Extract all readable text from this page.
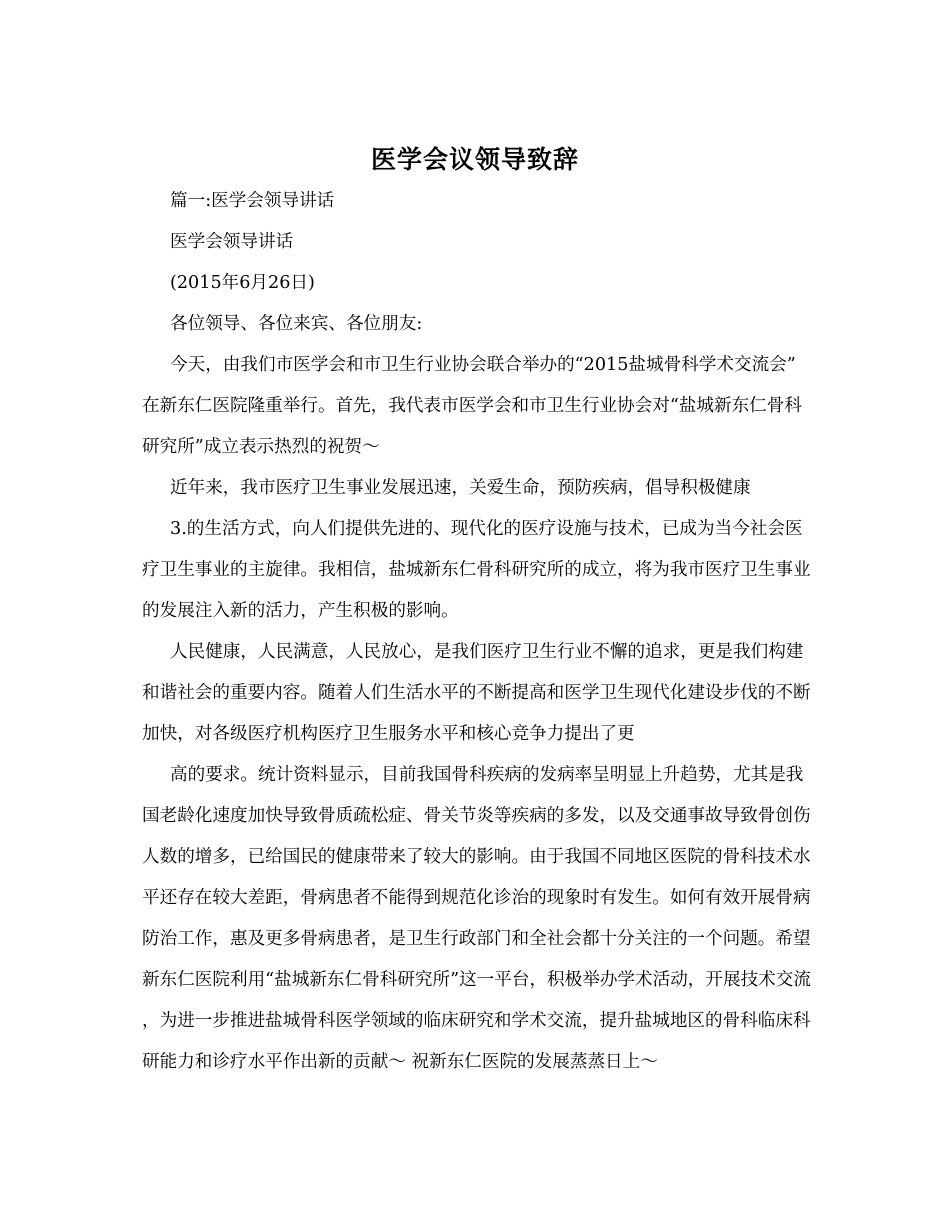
医学会议领导致辞

篇一:医学会领导讲话

医学会领导讲话

(2015年6月26日)

各位领导、各位来宾、各位朋友:

今天，由我们市医学会和市卫生行业协会联合举办的“2015盐城骨科学术交流会”在新东仁医院隆重举行。首先，我代表市医学会和市卫生行业协会对“盐城新东仁骨科研究所”成立表示热烈的祝贺～

近年来，我市医疗卫生事业发展迅速，关爱生命，预防疾病，倡导积极健康

3.的生活方式，向人们提供先进的、现代化的医疗设施与技术，已成为当今社会医疗卫生事业的主旋律。我相信，盐城新东仁骨科研究所的成立，将为我市医疗卫生事业的发展注入新的活力，产生积极的影响。

人民健康，人民满意，人民放心，是我们医疗卫生行业不懈的追求，更是我们构建和谐社会的重要内容。随着人们生活水平的不断提高和医学卫生现代化建设步伐的不断加快，对各级医疗机构医疗卫生服务水平和核心竞争力提出了更

高的要求。统计资料显示，目前我国骨科疾病的发病率呈明显上升趋势，尤其是我国老龄化速度加快导致骨质疏松症、骨关节炎等疾病的多发，以及交通事故导致骨创伤人数的增多，已给国民的健康带来了较大的影响。由于我国不同地区医院的骨科技术水平还存在较大差距，骨病患者不能得到规范化诊治的现象时有发生。如何有效开展骨病防治工作，惠及更多骨病患者，是卫生行政部门和全社会都十分关注的一个问题。希望新东仁医院利用“盐城新东仁骨科研究所”这一平台，积极举办学术活动，开展技术交流，为进一步推进盐城骨科医学领域的临床研究和学术交流，提升盐城地区的骨科临床科研能力和诊疗水平作出新的贡献～ 祝新东仁医院的发展蒸蒸日上～
